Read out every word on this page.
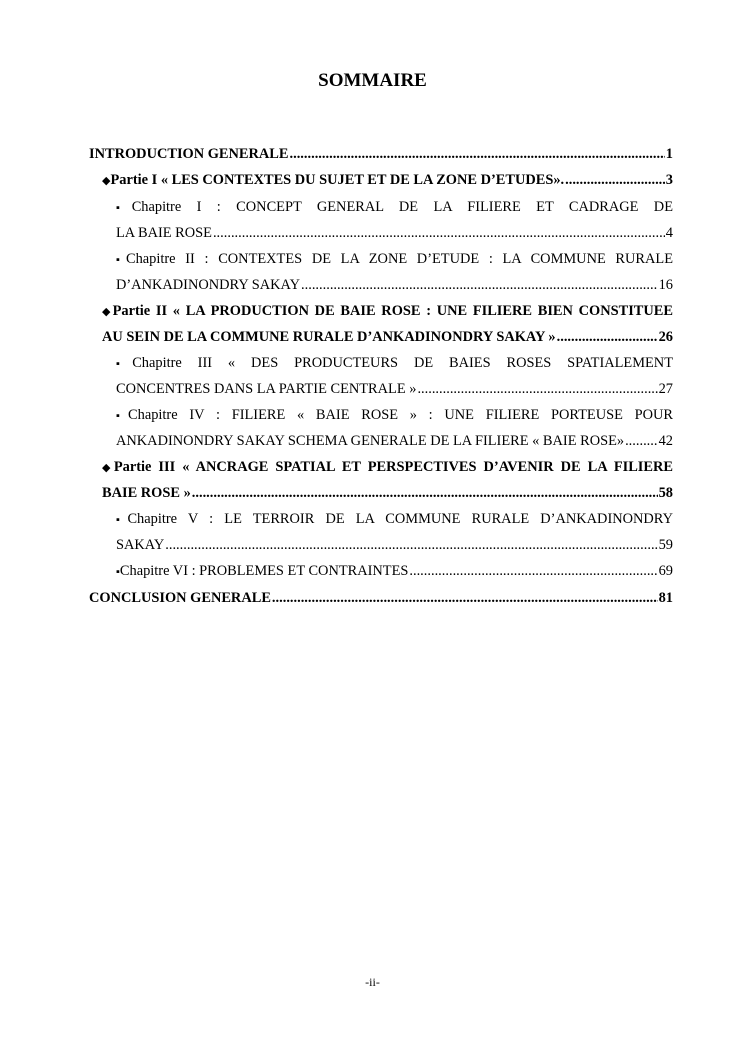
SOMMAIRE
INTRODUCTION GENERALE .....	1
◆ Partie I « LES CONTEXTES DU SUJET ET DE LA ZONE D’ETUDES». .....	3
▪Chapitre I : CONCEPT GENERAL DE LA FILIERE ET CADRAGE DE
LA BAIE ROSE .....	4
▪Chapitre II : CONTEXTES DE LA ZONE D’ETUDE : LA COMMUNE RURALE
D’ANKADINONDRY SAKAY .....	16
◆Partie II « LA PRODUCTION DE BAIE ROSE : UNE FILIERE BIEN CONSTITUEE
AU SEIN DE LA COMMUNE RURALE D’ANKADINONDRY SAKAY » .....	26
▪Chapitre III « DES PRODUCTEURS DE BAIES ROSES SPATIALEMENT
CONCENTRES DANS LA PARTIE CENTRALE » .....	27
▪Chapitre IV : FILIERE « BAIE ROSE » : UNE FILIERE PORTEUSE POUR
ANKADINONDRY SAKAY SCHEMA GENERALE DE LA FILIERE « BAIE ROSE» ..... 42
◆Partie III « ANCRAGE SPATIAL ET PERSPECTIVES D’AVENIR DE LA FILIERE
BAIE ROSE » .....	58
▪Chapitre V : LE TERROIR DE LA COMMUNE RURALE D’ANKADINONDRY
SAKAY .....	59
▪ Chapitre VI : PROBLEMES ET CONTRAINTES .....	69
CONCLUSION GENERALE .....	81
-ii-
